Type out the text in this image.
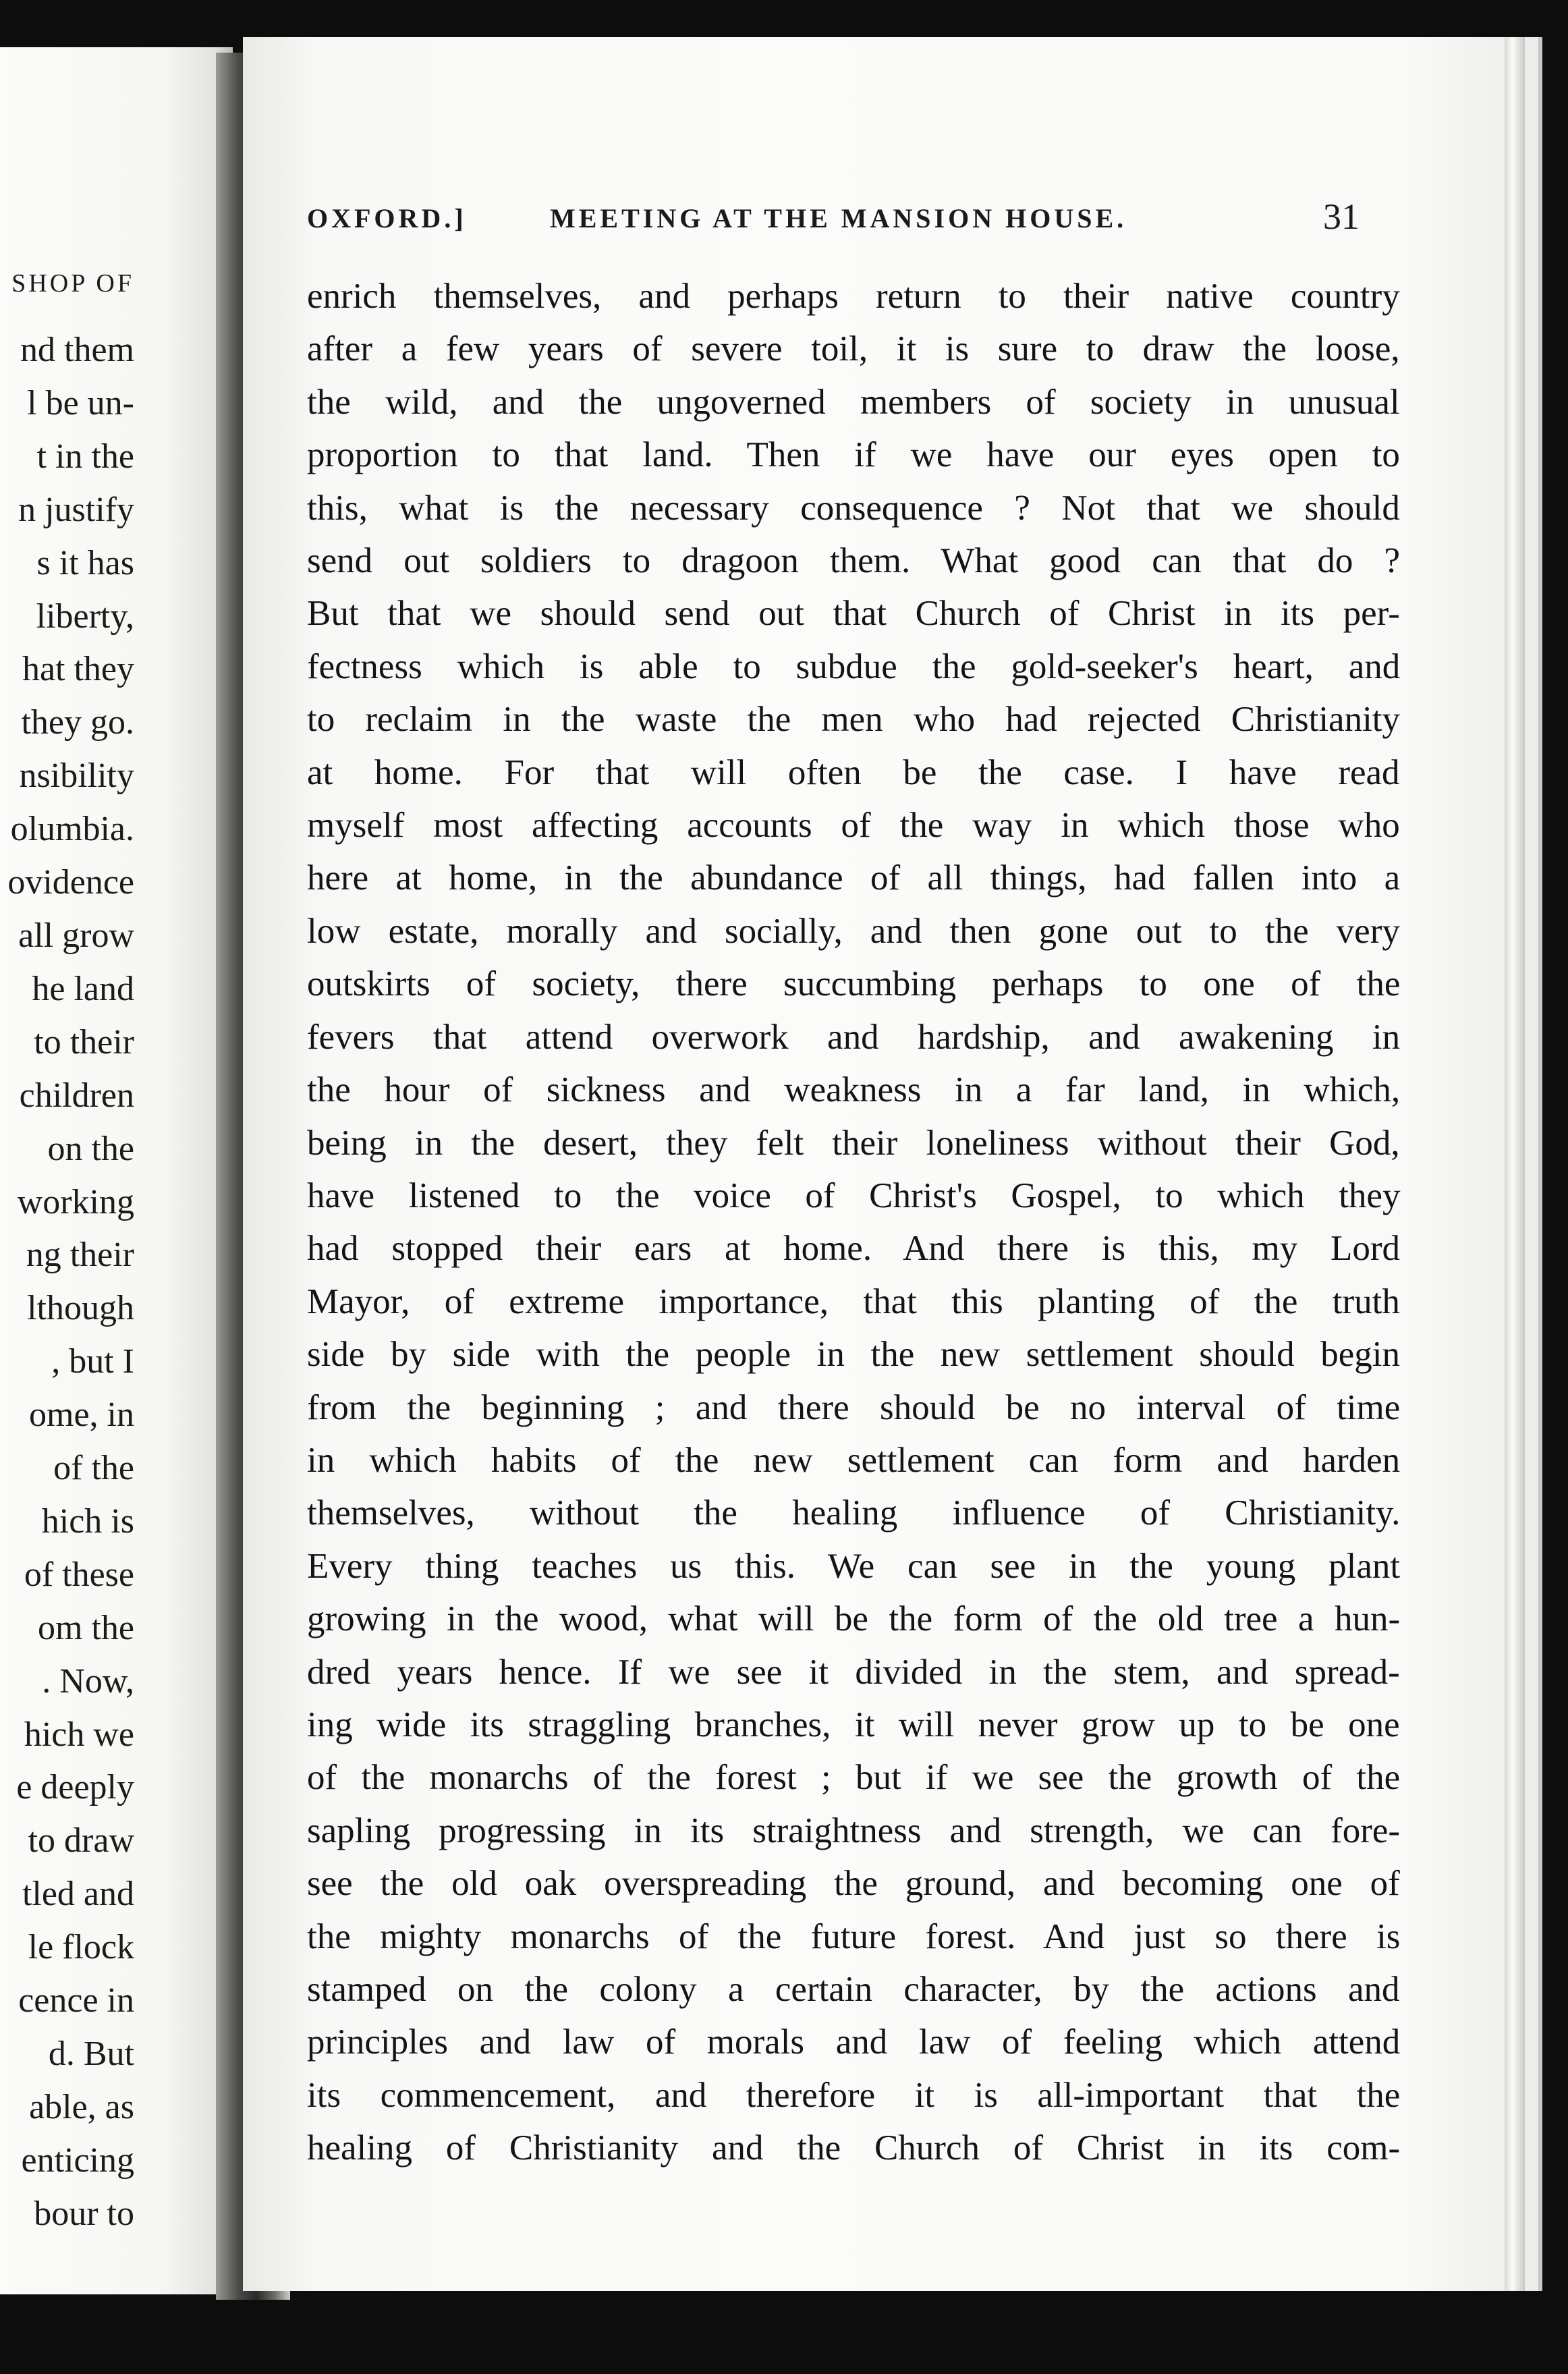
SHOP OF
nd them
l be un-
t in the
n justify
s it has
liberty,
hat they
they go.
nsibility
olumbia.
ovidence
all grow
he land
to their
children
on the
working
ng their
lthough
, but I
ome, in
of the
hich is
of these
om the
. Now,
hich we
e deeply
to draw
tled and
le flock
cence in
d. But
able, as
enticing
bour to
OXFORD.]	MEETING AT THE MANSION HOUSE.	31
enrich themselves, and perhaps return to their native country
after a few years of severe toil, it is sure to draw the loose,
the wild, and the ungoverned members of society in unusual
proportion to that land. Then if we have our eyes open to
this, what is the necessary consequence ? Not that we should
send out soldiers to dragoon them. What good can that do ?
But that we should send out that Church of Christ in its per-
fectness which is able to subdue the gold-seeker's heart, and
to reclaim in the waste the men who had rejected Christianity
at home. For that will often be the case. I have read
myself most affecting accounts of the way in which those who
here at home, in the abundance of all things, had fallen into a
low estate, morally and socially, and then gone out to the very
outskirts of society, there succumbing perhaps to one of the
fevers that attend overwork and hardship, and awakening in
the hour of sickness and weakness in a far land, in which,
being in the desert, they felt their loneliness without their God,
have listened to the voice of Christ's Gospel, to which they
had stopped their ears at home. And there is this, my Lord
Mayor, of extreme importance, that this planting of the truth
side by side with the people in the new settlement should begin
from the beginning ; and there should be no interval of time
in which habits of the new settlement can form and harden
themselves, without the healing influence of Christianity.
Every thing teaches us this. We can see in the young plant
growing in the wood, what will be the form of the old tree a hun-
dred years hence. If we see it divided in the stem, and spread-
ing wide its straggling branches, it will never grow up to be one
of the monarchs of the forest ; but if we see the growth of the
sapling progressing in its straightness and strength, we can fore-
see the old oak overspreading the ground, and becoming one of
the mighty monarchs of the future forest. And just so there is
stamped on the colony a certain character, by the actions and
principles and law of morals and law of feeling which attend
its commencement, and therefore it is all-important that the
healing of Christianity and the Church of Christ in its com-
